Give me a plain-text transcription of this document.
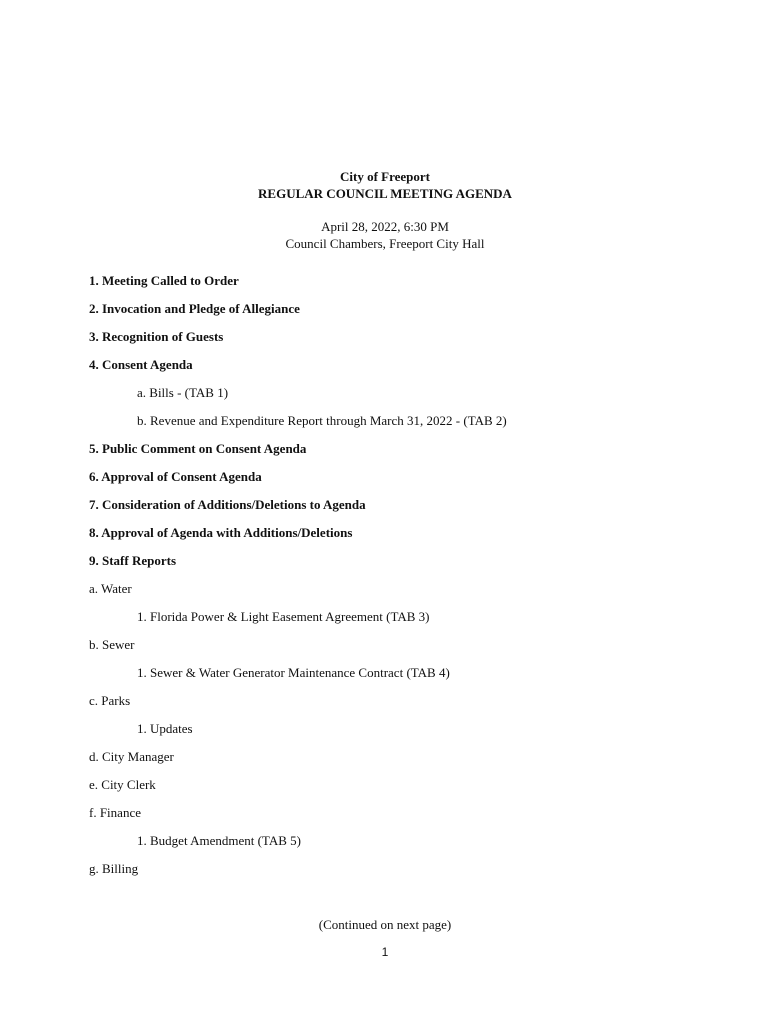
City of Freeport
REGULAR COUNCIL MEETING AGENDA
April 28, 2022, 6:30 PM
Council Chambers, Freeport City Hall
1. Meeting Called to Order
2. Invocation and Pledge of Allegiance
3. Recognition of Guests
4. Consent Agenda
a. Bills - (TAB 1)
b. Revenue and Expenditure Report through March 31, 2022 - (TAB 2)
5. Public Comment on Consent Agenda
6. Approval of Consent Agenda
7. Consideration of Additions/Deletions to Agenda
8. Approval of Agenda with Additions/Deletions
9. Staff Reports
a. Water
1. Florida Power & Light Easement Agreement (TAB 3)
b. Sewer
1. Sewer & Water Generator Maintenance Contract (TAB 4)
c. Parks
1. Updates
d. City Manager
e. City Clerk
f. Finance
1. Budget Amendment (TAB 5)
g. Billing
(Continued on next page)
1
